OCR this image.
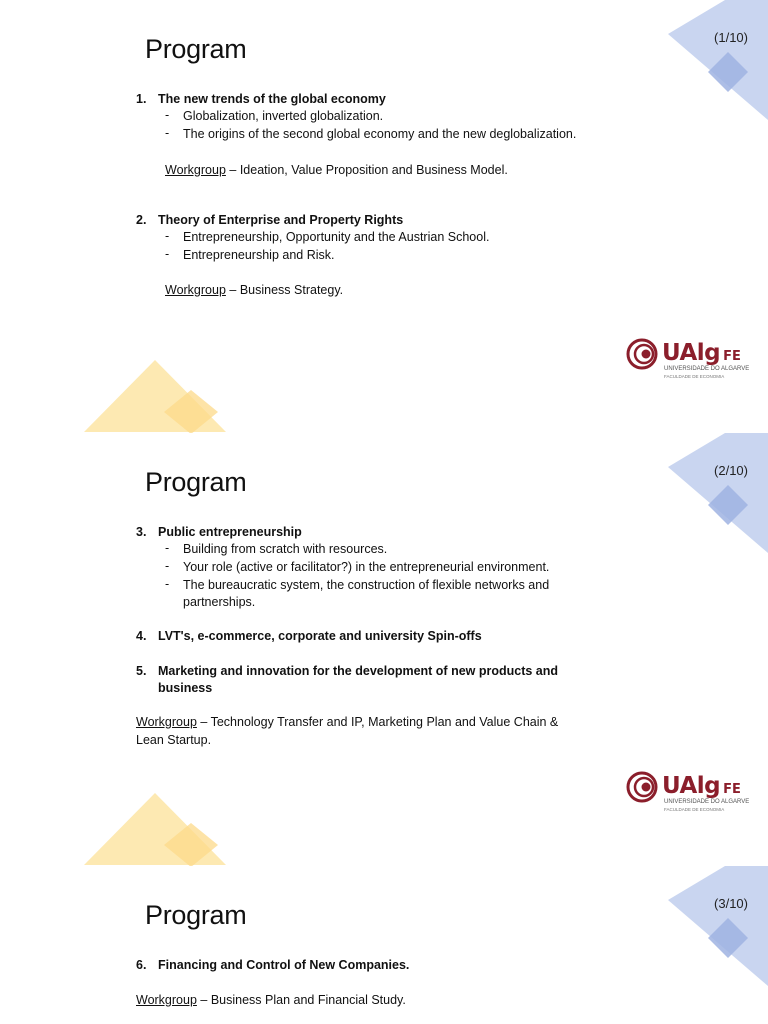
(1/10)
Program
1. The new trends of the global economy
- Globalization, inverted globalization.
- The origins of the second global economy and the new deglobalization.
Workgroup – Ideation, Value Proposition and Business Model.
2. Theory of Enterprise and Property Rights
- Entrepreneurship, Opportunity and the Austrian School.
- Entrepreneurship and Risk.
Workgroup – Business Strategy.
UAlg FE
UNIVERSIDADE DO ALGARVE
FACULDADE DE ECONOMIA
(2/10)
Program
3. Public entrepreneurship
- Building from scratch with resources.
- Your role (active or facilitator?) in the entrepreneurial environment.
- The bureaucratic system, the construction of flexible networks and partnerships.
4. LVT's, e-commerce, corporate and university Spin-offs
5. Marketing and innovation for the development of new products and business
Workgroup – Technology Transfer and IP, Marketing Plan and Value Chain & Lean Startup.
UAlg FE
UNIVERSIDADE DO ALGARVE
FACULDADE DE ECONOMIA
(3/10)
Program
6. Financing and Control of New Companies.
Workgroup – Business Plan and Financial Study.
